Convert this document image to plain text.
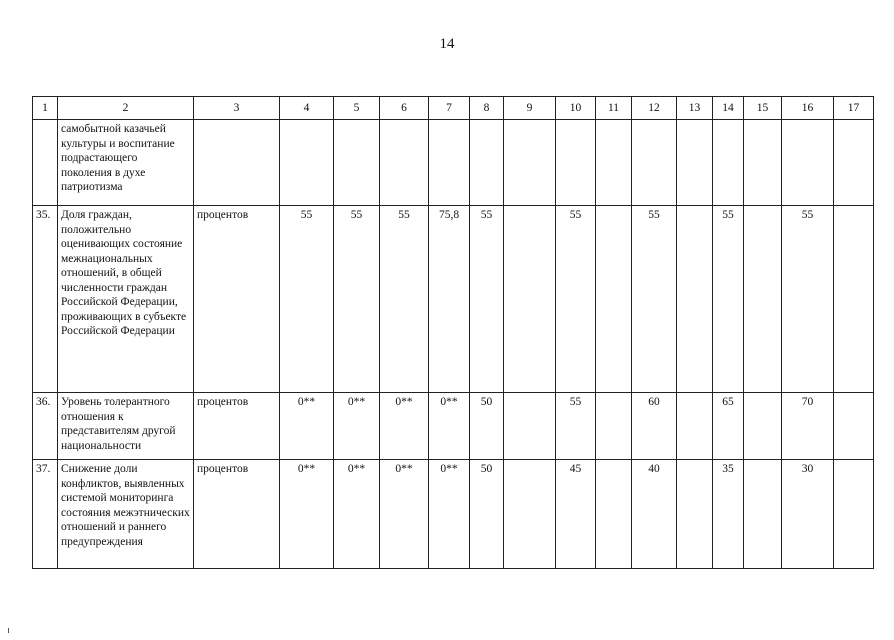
14
1	2	3	4	5	6	7	8	9	10	11	12	13	14	15	16	17
	самобытной казачьей культуры и воспитание подрастающего поколения в духе патриотизма															
35.	Доля граждан, положительно оценивающих состояние межнациональных отношений, в общей численности граждан Российской Федерации, проживающих в субъекте Российской Федерации	процентов	55	55	55	75,8	55		55		55		55		55	
36.	Уровень толерантного отношения к представителям другой национальности	процентов	0**	0**	0**	0**	50		55		60		65		70	
37.	Снижение доли конфликтов, выявленных системой мониторинга состояния межэтнических отношений и раннего предупреждения	процентов	0**	0**	0**	0**	50		45		40		35		30	
